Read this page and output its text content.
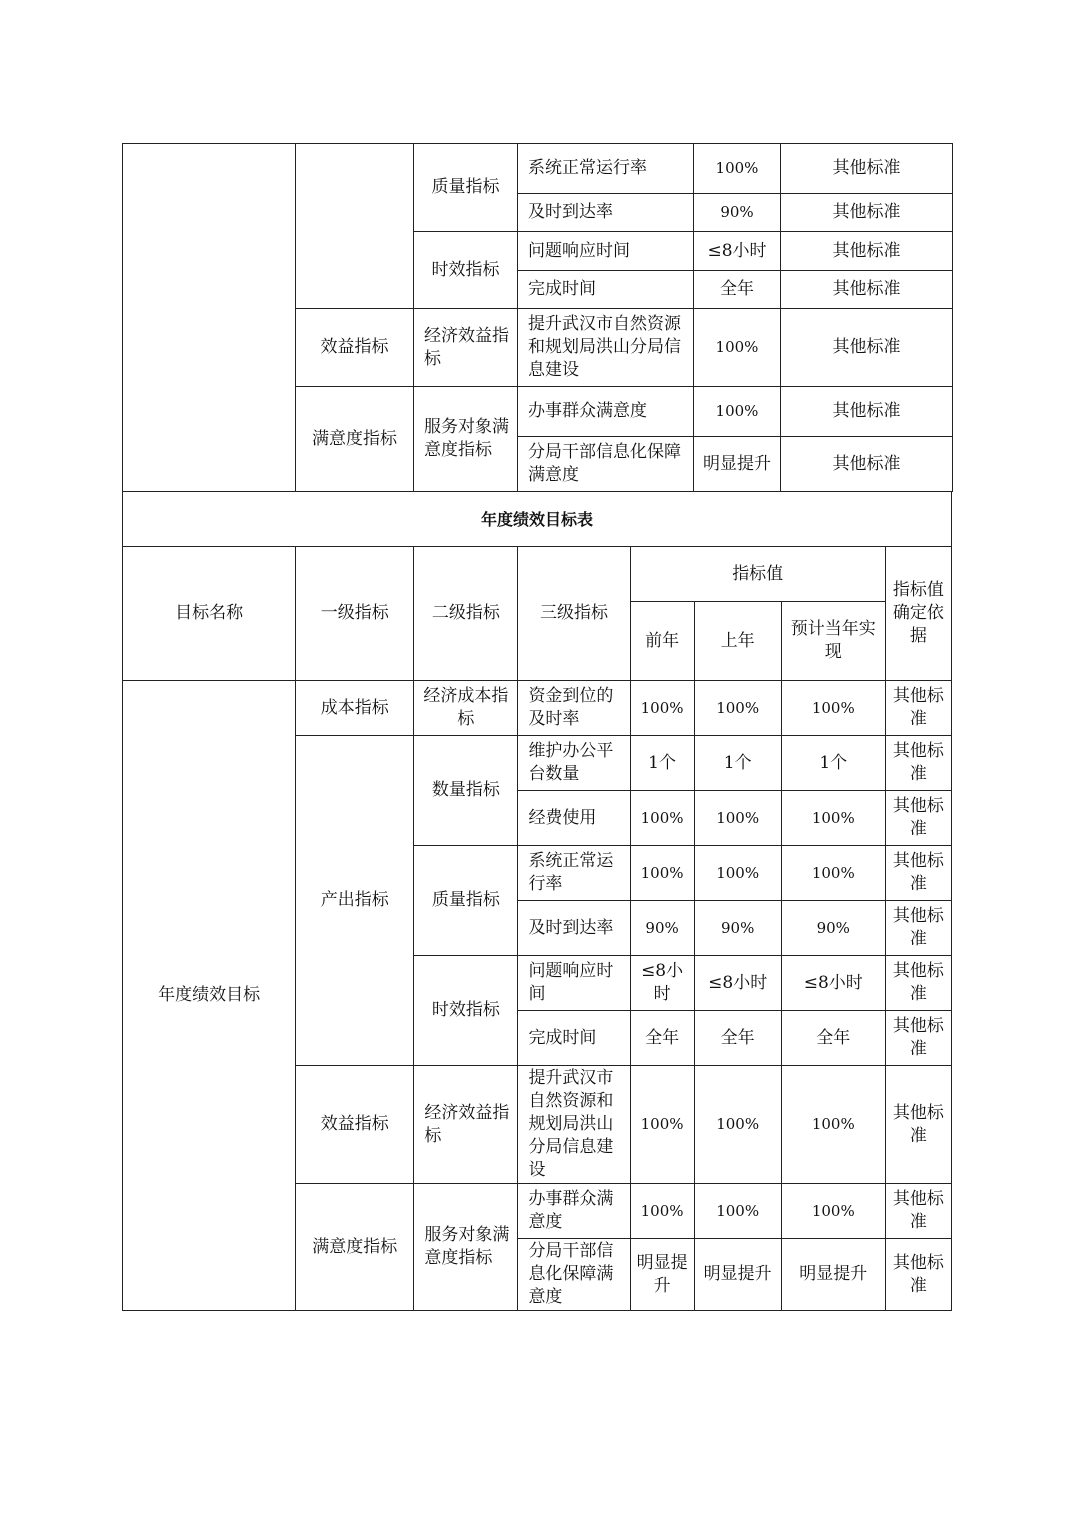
		质量指标	系统正常运行率	100%	其他标准
			及时到达率	90%	其他标准
		时效指标	问题响应时间	≤8小时	其他标准
			完成时间	全年	其他标准
	效益指标	经济效益指标	提升武汉市自然资源和规划局洪山分局信息建设	100%	其他标准
	满意度指标	服务对象满意度指标	办事群众满意度	100%	其他标准
			分局干部信息化保障满意度	明显提升	其他标准
年度绩效目标表							
目标名称	一级指标	二级指标	三级指标	指标值			指标值确定依据
				前年	上年	预计当年实现	
年度绩效目标	成本指标	经济成本指标	资金到位的及时率	100%	100%	100%	其他标准
	产出指标	数量指标	维护办公平台数量	1个	1个	1个	其他标准
			经费使用	100%	100%	100%	其他标准
		质量指标	系统正常运行率	100%	100%	100%	其他标准
			及时到达率	90%	90%	90%	其他标准
		时效指标	问题响应时间	≤8小时	≤8小时	≤8小时	其他标准
			完成时间	全年	全年	全年	其他标准
	效益指标	经济效益指标	提升武汉市自然资源和规划局洪山分局信息建设	100%	100%	100%	其他标准
	满意度指标	服务对象满意度指标	办事群众满意度	100%	100%	100%	其他标准
			分局干部信息化保障满意度	明显提升	明显提升	明显提升	其他标准
